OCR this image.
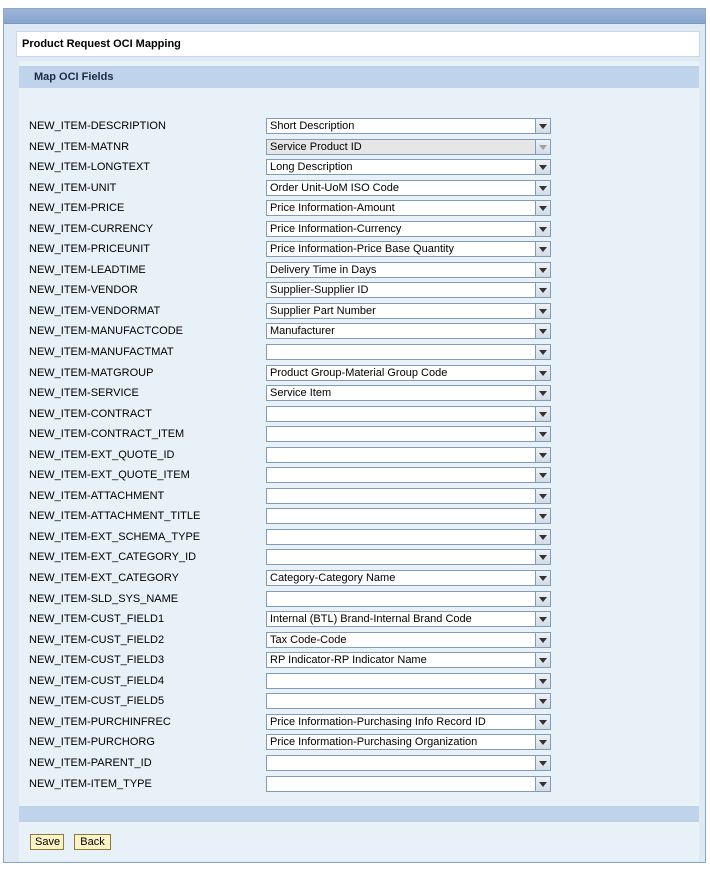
Product Request OCI Mapping
Map OCI Fields
NEW_ITEM-DESCRIPTION	Short Description
NEW_ITEM-MATNR	Service Product ID
NEW_ITEM-LONGTEXT	Long Description
NEW_ITEM-UNIT	Order Unit-UoM ISO Code
NEW_ITEM-PRICE	Price Information-Amount
NEW_ITEM-CURRENCY	Price Information-Currency
NEW_ITEM-PRICEUNIT	Price Information-Price Base Quantity
NEW_ITEM-LEADTIME	Delivery Time in Days
NEW_ITEM-VENDOR	Supplier-Supplier ID
NEW_ITEM-VENDORMAT	Supplier Part Number
NEW_ITEM-MANUFACTCODE	Manufacturer
NEW_ITEM-MANUFACTMAT
NEW_ITEM-MATGROUP	Product Group-Material Group Code
NEW_ITEM-SERVICE	Service Item
NEW_ITEM-CONTRACT
NEW_ITEM-CONTRACT_ITEM
NEW_ITEM-EXT_QUOTE_ID
NEW_ITEM-EXT_QUOTE_ITEM
NEW_ITEM-ATTACHMENT
NEW_ITEM-ATTACHMENT_TITLE
NEW_ITEM-EXT_SCHEMA_TYPE
NEW_ITEM-EXT_CATEGORY_ID
NEW_ITEM-EXT_CATEGORY	Category-Category Name
NEW_ITEM-SLD_SYS_NAME
NEW_ITEM-CUST_FIELD1	Internal (BTL) Brand-Internal Brand Code
NEW_ITEM-CUST_FIELD2	Tax Code-Code
NEW_ITEM-CUST_FIELD3	RP Indicator-RP Indicator Name
NEW_ITEM-CUST_FIELD4
NEW_ITEM-CUST_FIELD5
NEW_ITEM-PURCHINFREC	Price Information-Purchasing Info Record ID
NEW_ITEM-PURCHORG	Price Information-Purchasing Organization
NEW_ITEM-PARENT_ID
NEW_ITEM-ITEM_TYPE
Save	Back
